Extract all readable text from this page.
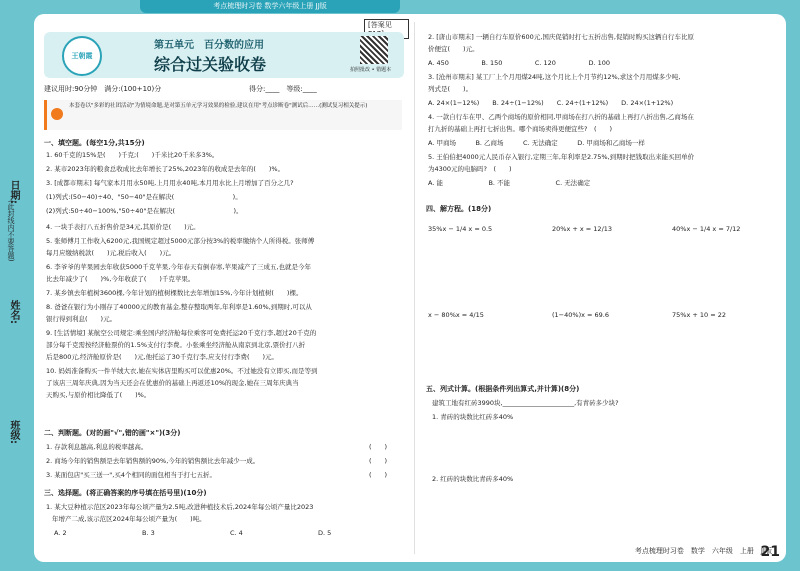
考点梳理时习卷 数学六年级上册 JJ版
日期:
(此封线内不要答题)
姓名:
班级:
[答案见
王朝霞
第五单元　百分数的应用
综合过关验收卷	拍照批改 • 错题本
建议用时:90分钟　满分:(100+10)分	得分:____　等级:____
本套卷以"多彩的社团活动"为情境命题,是对第五单元学习效果的检验,建议在用"考点诊断卷"测试后……(测试复习相关提示)
一、填空题。(每空1分,共15分)
二、判断题。(对的画"√",错的画"×")(3分)
三、选择题。(将正确答案的序号填在括号里)(10分)
1. 60千克的15%是(　　)千克;(　　)千米比20千米多3%。
2. 某市2023年的粮食总收成比去年增长了25%,2023年的收成是去年的(　　)%。
3. [成都市期末] 每气家本月用水50吨,上月用水40吨,本月用水比上月增加了百分之几?
(1)列式:(50−40)÷40、"50−40"是在解决(　　　　　　　　　)。
(2)列式:50÷40−100%,"50÷40"是在解决(　　　　　　　　　)。
4. 一块手表打八五折售价是34元,其原价是(　　)元。
5. 张师傅月工作收入6200元,我国规定超过5000元部分按3%的税率缴纳个人所得税。张师傅
每月应缴纳税款(　　)元,税后收入(　　)元。
6. 李爷爷的苹果园去年收获5000千克苹果,今年春天有倒春寒,苹果减产了三成五,也就是今年
比去年减少了(　　)%,今年收获了(　　)千克苹果。
7. 某乡镇去年植树3600棵,今年计划的植树棵数比去年增加15%,今年计划植树(　　)棵。
8. 爸爸在银行为小刚存了40000元的教育基金,整存整取两年,年利率是1.60%,到期时,可以从
银行得到利息(　　)元。
9. [生活情境] 某航空公司规定:乘坐国内经济舱每位乘客可免费托运20千克行李,超过20千克的
部分每千克需按经济舱票价的1.5%支付行李费。小张乘坐经济舱从南京到北京,票价打八折
后是800元,经济舱原价是(　　)元,他托运了30千克行李,应支付行李费(　　)元。
10. 妈妈准备购买一件羊绒大衣,她在实体店里购买可以优惠20%。不过她没有立即买,而是等到
了该店三周年庆典,因为当天还会在优惠价的基础上再返还10%的现金,她在三周年庆典当
天购买,与原价相比降低了(　　)%。
1. 存款利息越高,利息的税率越高。	(　　)
2. 商场今年的销售额是去年销售额的90%,今年的销售额比去年减少一成。	(　　)
3. 某面包店"买三送一",买4个相同的面包相当于打七五折。	(　　)
1. 某大豆种植示范区2023年每公顷产量为2.5吨,改进种植技术后,2024年每公顷产量比2023
年增产二成,该示范区2024年每公顷产量为(　　)吨。
A. 2	B. 3	C. 4	D. 5
2. [唐山市期末] 一辆自行车原价600元,国庆促销时打七五折出售,促销时购买这辆自行车比原
价便宜(　　)元。
A. 450　　　　　B. 150　　　　　C. 120　　　　　D. 100
3. [沧州市期末] 某工厂上个月用煤24吨,这个月比上个月节约12%,求这个月用煤多少吨,
列式是(　　)。
A. 24×(1−12%)　　B. 24÷(1−12%)　　C. 24÷(1+12%)　　D. 24×(1+12%)
4. 一款自行车在甲、乙两个商场的原价相同,甲商场在打八折的基础上再打八折出售,乙商场在
打九折的基础上再打七折出售。哪个商场卖得更便宜些?　(　　)
A. 甲商场　　　B. 乙商场　　　C. 无法确定　　　D. 甲商场和乙商场一样
5. 王伯伯把4000元人民币存入银行,定期三年,年利率是2.75%,到期时把钱取出来能买回单价
为4300元的电脑吗?　(　　)
A. 能　　　　　　　B. 不能　　　　　　　C. 无法确定
四、解方程。(18分)
35%x − 1/4 x = 0.5	20%x + x = 12/13	40%x − 1/4 x = 7/12
x − 80%x = 4/15	(1−40%)x = 69.6	75%x + 10 = 22
五、列式计算。(根据条件列出算式,并计算)(8分)
建筑工地有红砖3990块,______________________,有青砖多少块?
1. 青砖的块数比红砖多40%
2. 红砖的块数比青砖多40%
考点梳理时习卷　数学　六年级　上册　JJ版
21
